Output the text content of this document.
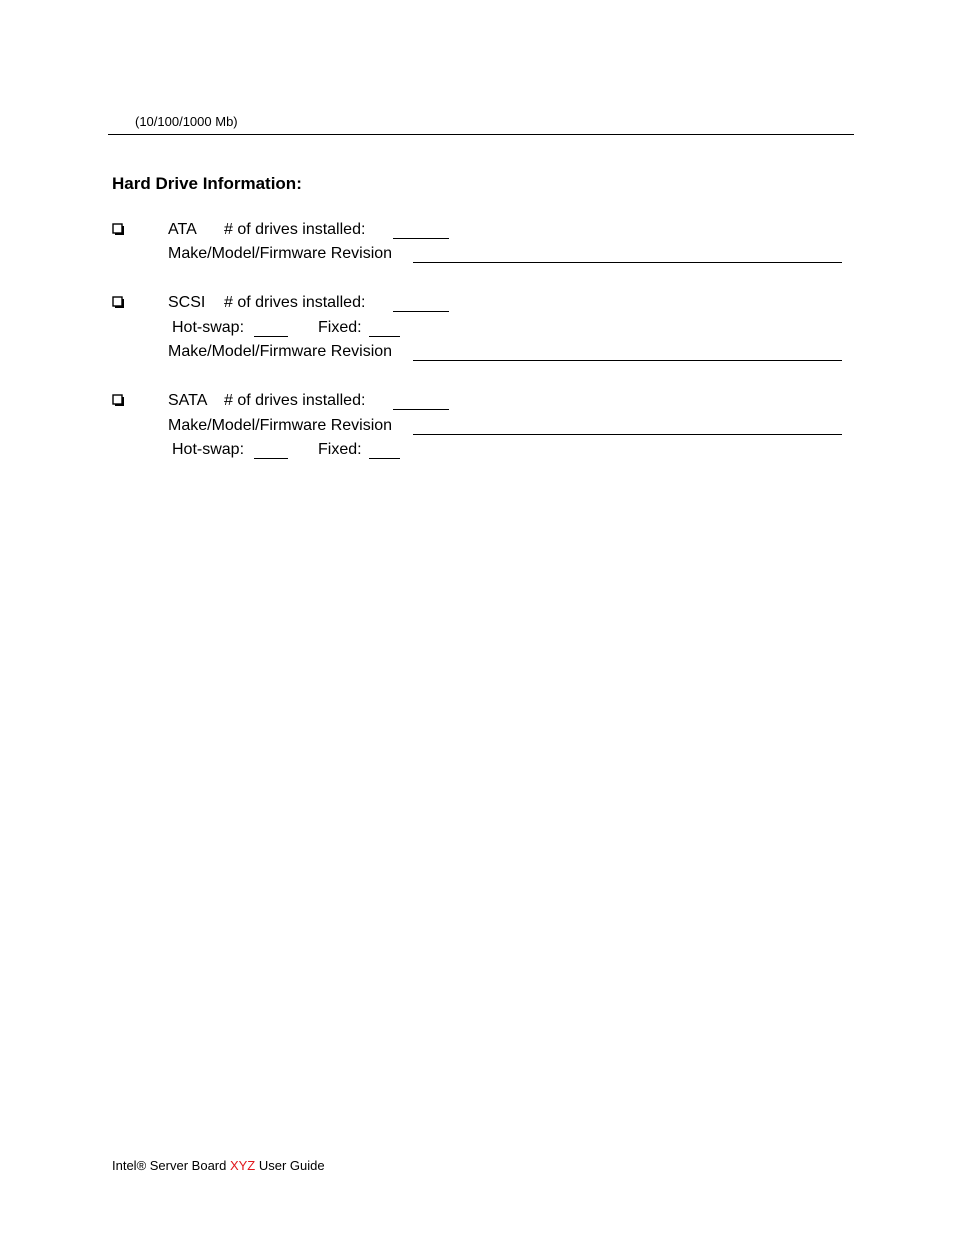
(10/100/1000 Mb)
Hard Drive Information:
ATA # of drives installed:
Make/Model/Firmware Revision
SCSI # of drives installed:
Hot-swap:	Fixed:
Make/Model/Firmware Revision
SATA # of drives installed:
Make/Model/Firmware Revision
Hot-swap:	Fixed:
Intel® Server Board XYZ User Guide
